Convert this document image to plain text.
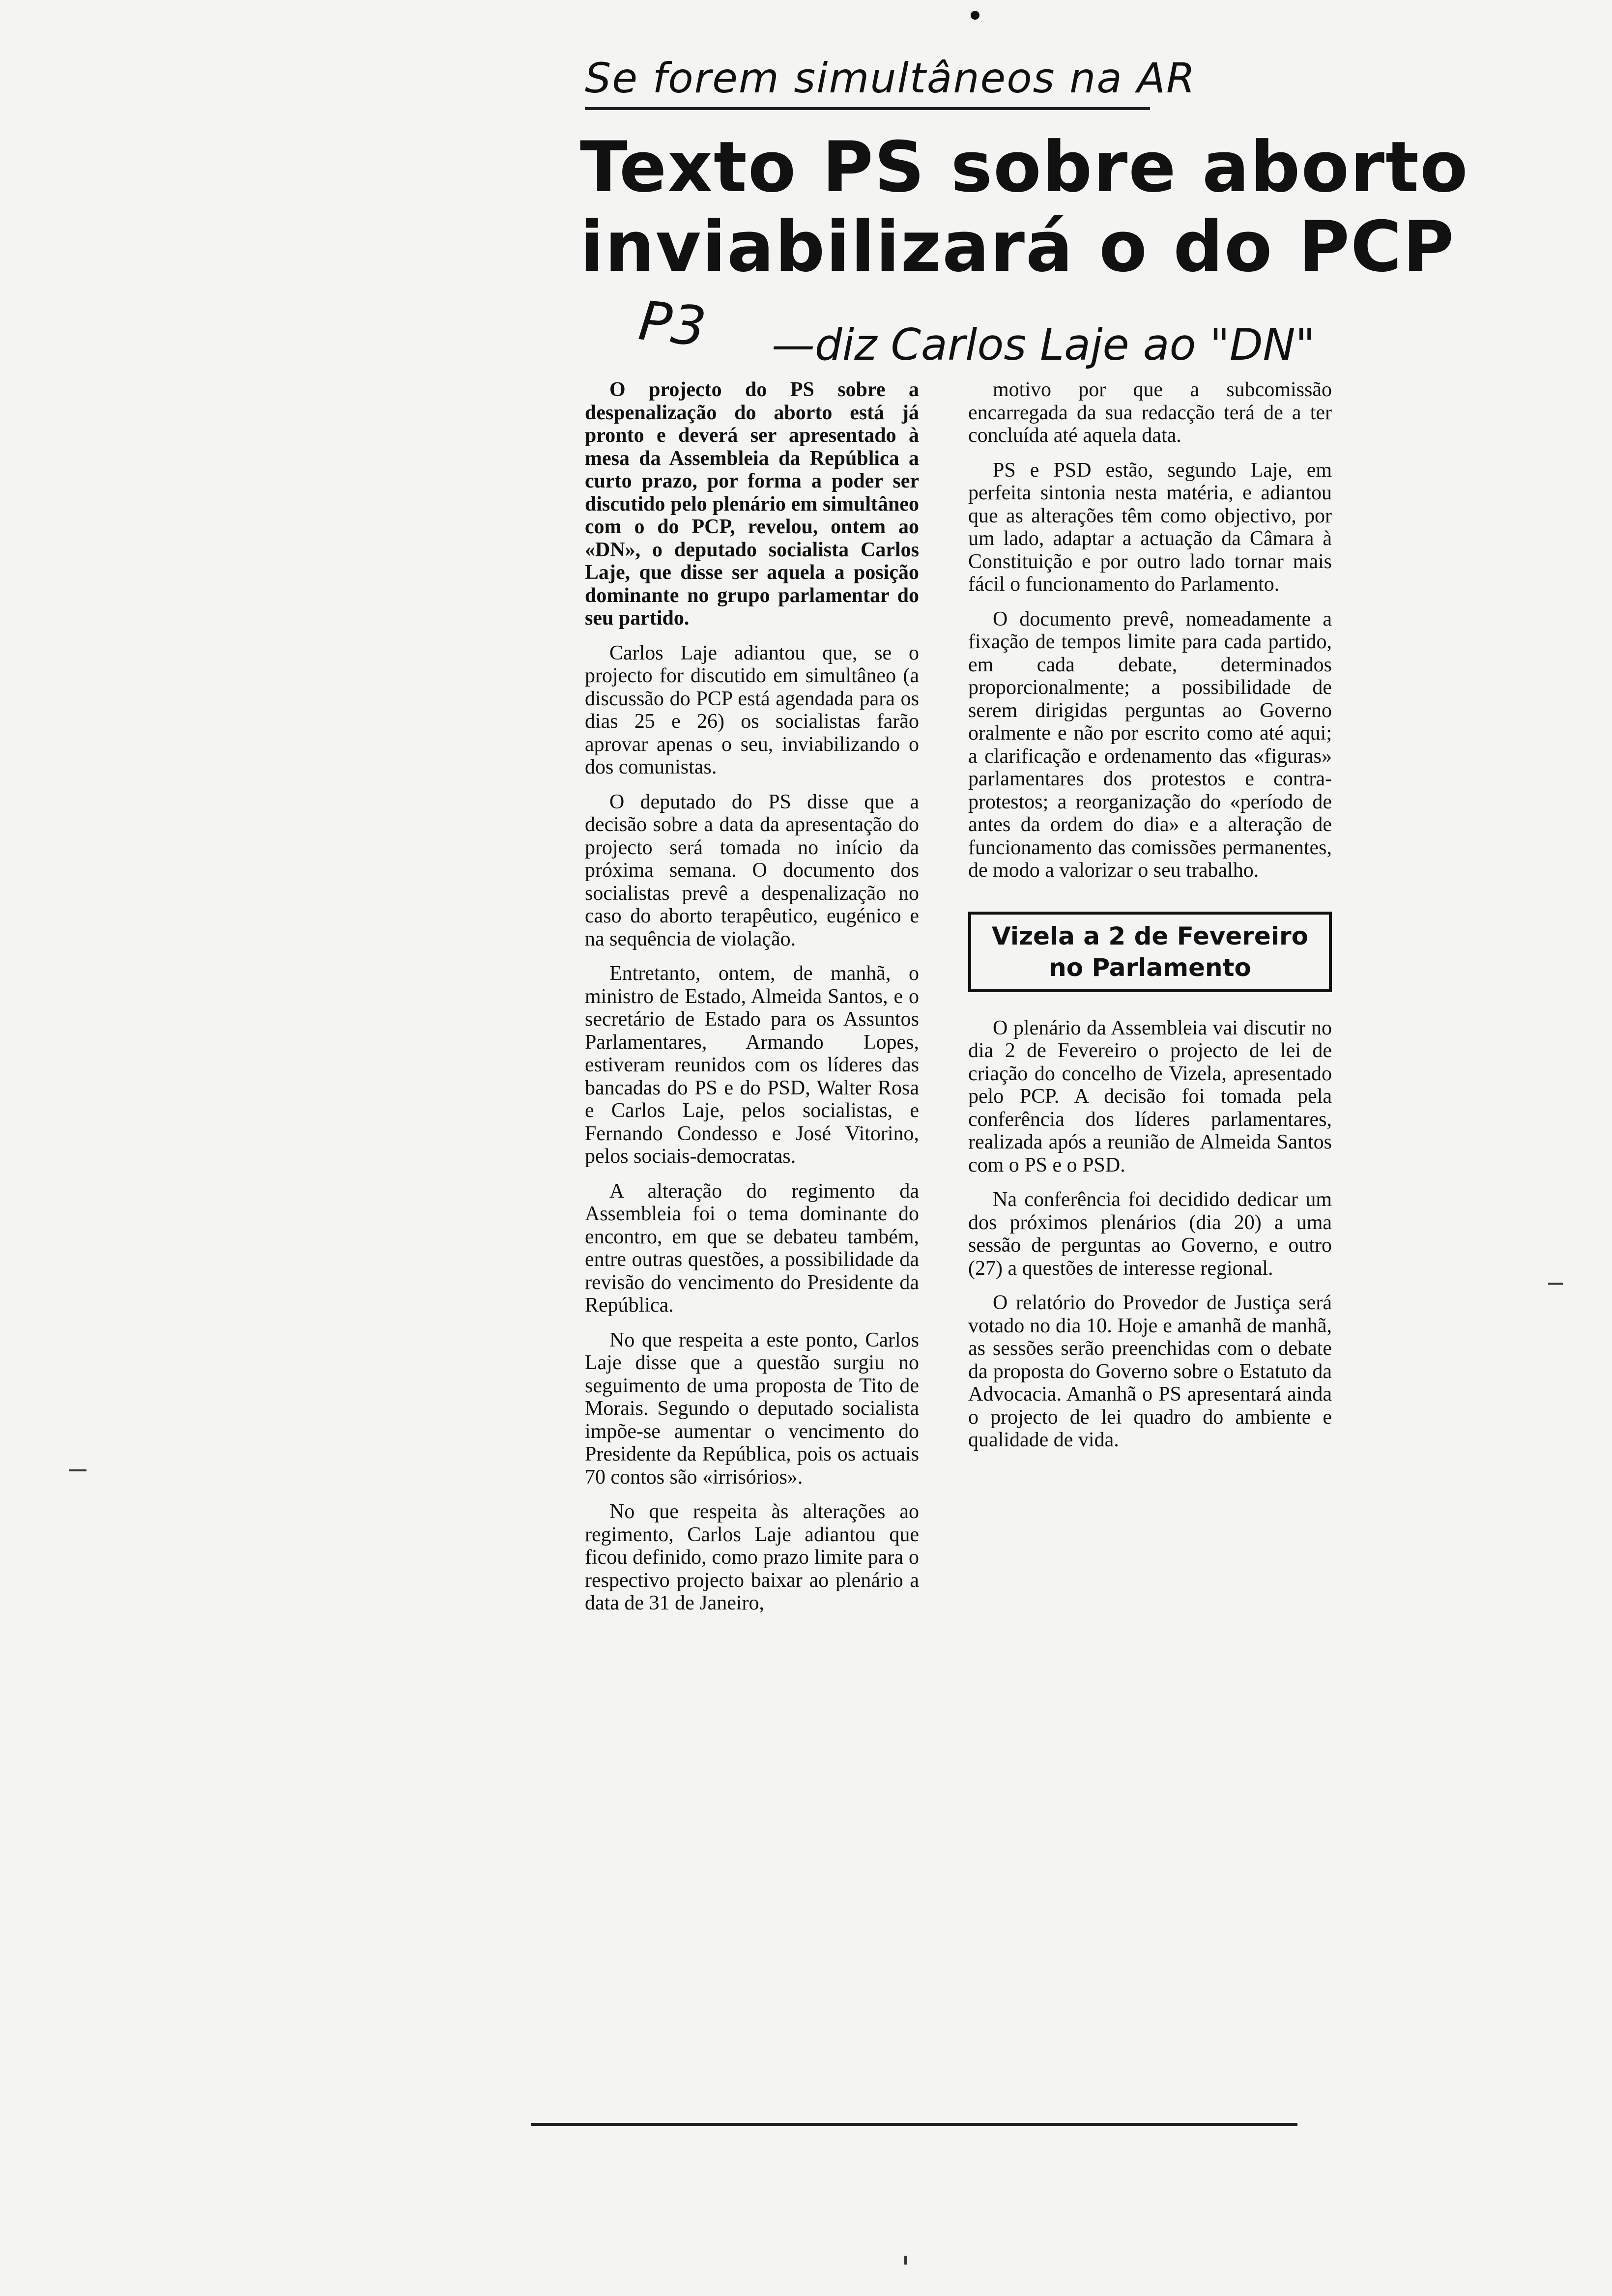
Se forem simultâneos na AR
Texto PS sobre aborto
inviabilizará o do PCP
P3 —diz Carlos Laje ao "DN"

O projecto do PS sobre a despenalização do aborto está já pronto e deverá ser apresentado à mesa da Assembleia da República a curto prazo, por forma a poder ser discutido pelo plenário em simultâneo com o do PCP, revelou, ontem ao «DN», o deputado socialista Carlos Laje, que disse ser aquela a posição dominante no grupo parlamentar do seu partido.

Carlos Laje adiantou que, se o projecto for discutido em simultâneo (a discussão do PCP está agendada para os dias 25 e 26) os socialistas farão aprovar apenas o seu, inviabilizando o dos comunistas.

O deputado do PS disse que a decisão sobre a data da apresentação do projecto será tomada no início da próxima semana. O documento dos socialistas prevê a despenalização no caso do aborto terapêutico, eugénico e na sequência de violação.

Entretanto, ontem, de manhã, o ministro de Estado, Almeida Santos, e o secretário de Estado para os Assuntos Parlamentares, Armando Lopes, estiveram reunidos com os líderes das bancadas do PS e do PSD, Walter Rosa e Carlos Laje, pelos socialistas, e Fernando Condesso e José Vitorino, pelos sociais-democratas.

A alteração do regimento da Assembleia foi o tema dominante do encontro, em que se debateu também, entre outras questões, a possibilidade da revisão do vencimento do Presidente da República.

No que respeita a este ponto, Carlos Laje disse que a questão surgiu no seguimento de uma proposta de Tito de Morais. Segundo o deputado socialista impõe-se aumentar o vencimento do Presidente da República, pois os actuais 70 contos são «irrisórios».

No que respeita às alterações ao regimento, Carlos Laje adiantou que ficou definido, como prazo limite para o respectivo projecto baixar ao plenário a data de 31 de Janeiro,

motivo por que a subcomissão encarregada da sua redacção terá de a ter concluída até aquela data.

PS e PSD estão, segundo Laje, em perfeita sintonia nesta matéria, e adiantou que as alterações têm como objectivo, por um lado, adaptar a actuação da Câmara à Constituição e por outro lado tornar mais fácil o funcionamento do Parlamento.

O documento prevê, nomeadamente a fixação de tempos limite para cada partido, em cada debate, determinados proporcionalmente; a possibilidade de serem dirigidas perguntas ao Governo oralmente e não por escrito como até aqui; a clarificação e ordenamento das «figuras» parlamentares dos protestos e contra-protestos; a reorganização do «período de antes da ordem do dia» e a alteração de funcionamento das comissões permanentes, de modo a valorizar o seu trabalho.

Vizela a 2 de Fevereiro
no Parlamento

O plenário da Assembleia vai discutir no dia 2 de Fevereiro o projecto de lei de criação do concelho de Vizela, apresentado pelo PCP. A decisão foi tomada pela conferência dos líderes parlamentares, realizada após a reunião de Almeida Santos com o PS e o PSD.

Na conferência foi decidido dedicar um dos próximos plenários (dia 20) a uma sessão de perguntas ao Governo, e outro (27) a questões de interesse regional.

O relatório do Provedor de Justiça será votado no dia 10. Hoje e amanhã de manhã, as sessões serão preenchidas com o debate da proposta do Governo sobre o Estatuto da Advocacia. Amanhã o PS apresentará ainda o projecto de lei quadro do ambiente e qualidade de vida.
